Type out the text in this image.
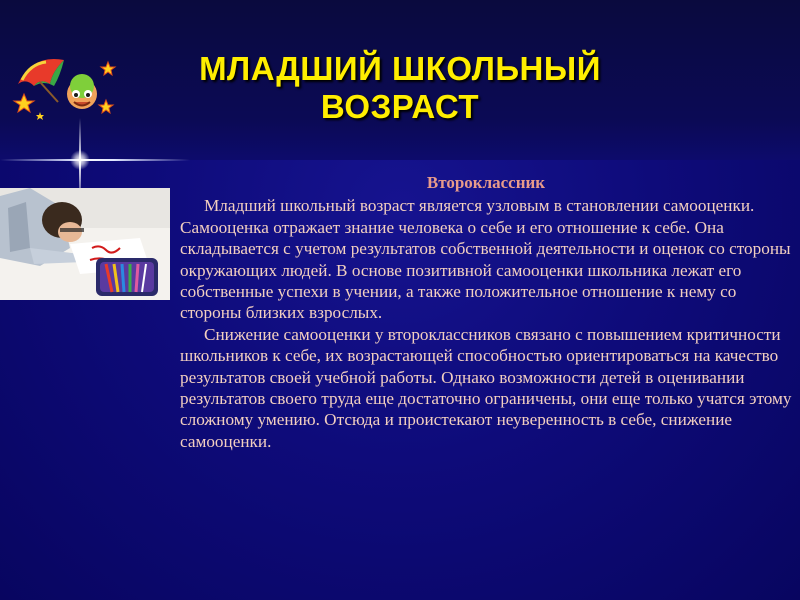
МЛАДШИЙ ШКОЛЬНЫЙ
ВОЗРАСТ
Второклассник

Младший школьный возраст является узловым в становлении самооценки. Самооценка отражает знание человека о себе и его отношение к себе. Она складывается с учетом результатов собственной деятельности и оценок со стороны окружающих людей. В основе позитивной самооценки школьника лежат его собственные успехи в учении, а также положительное отношение к нему со стороны близких взрослых.

Снижение самооценки у второклассников связано с повышением критичности школьников к себе, их возрастающей способностью ориентироваться на качество результатов своей учебной работы. Однако возможности детей в оценивании результатов своего труда еще достаточно ограничены, они еще только учатся этому сложному умению. Отсюда и проистекают неуверенность в себе, снижение самооценки.
